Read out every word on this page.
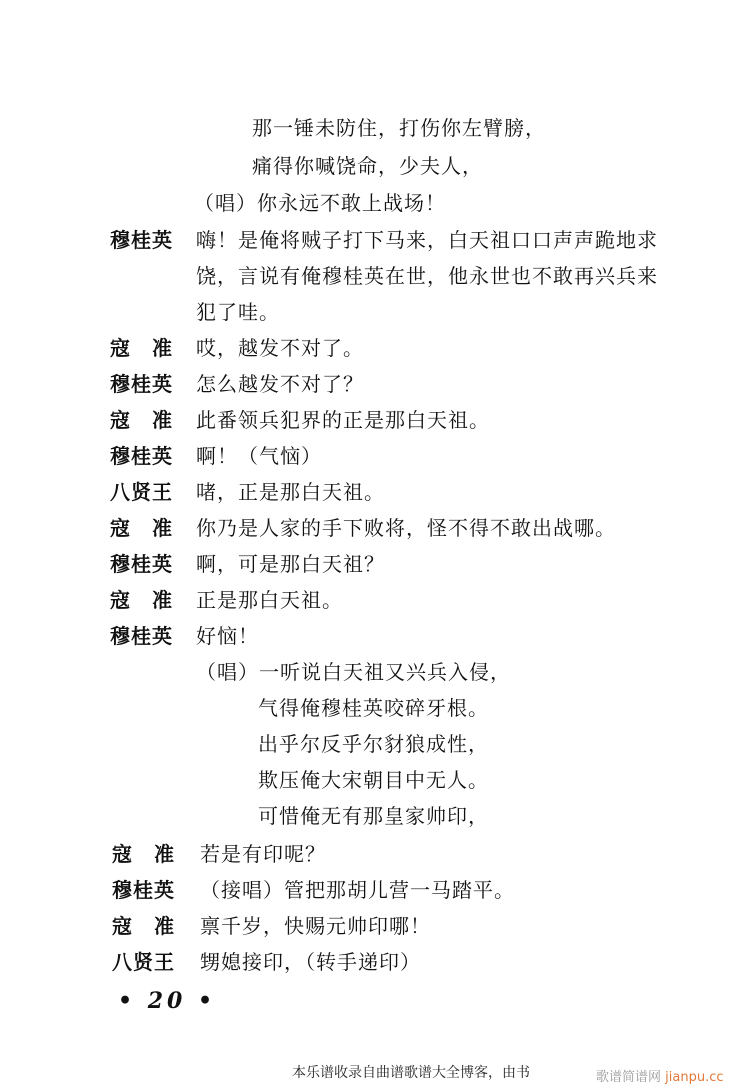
那一锤未防住，打伤你左臂膀，
痛得你喊饶命，少夫人，
（唱）你永远不敢上战场！
穆桂英 嗨！是俺将贼子打下马来，白天祖口口声声跪地求
饶，言说有俺穆桂英在世，他永世也不敢再兴兵来
犯了哇。
寇　准 哎，越发不对了。
穆桂英 怎么越发不对了？
寇　准 此番领兵犯界的正是那白天祖。
穆桂英 啊！（气恼）
八贤王 啫，正是那白天祖。
寇　准 你乃是人家的手下败将，怪不得不敢出战哪。
穆桂英 啊，可是那白天祖？
寇　准 正是那白天祖。
穆桂英 好恼！
（唱）一听说白天祖又兴兵入侵，
气得俺穆桂英咬碎牙根。
出乎尔反乎尔豺狼成性，
欺压俺大宋朝目中无人。
可惜俺无有那皇家帅印，
寇　准 若是有印呢？
穆桂英 （接唱）管把那胡儿营一马踏平。
寇　准 禀千岁，快赐元帅印哪！
八贤王 甥媳接印，（转手递印）
• 20 •
本乐谱收录自曲谱歌谱大全博客，由书	歌谱简谱网 jianpu.cc
